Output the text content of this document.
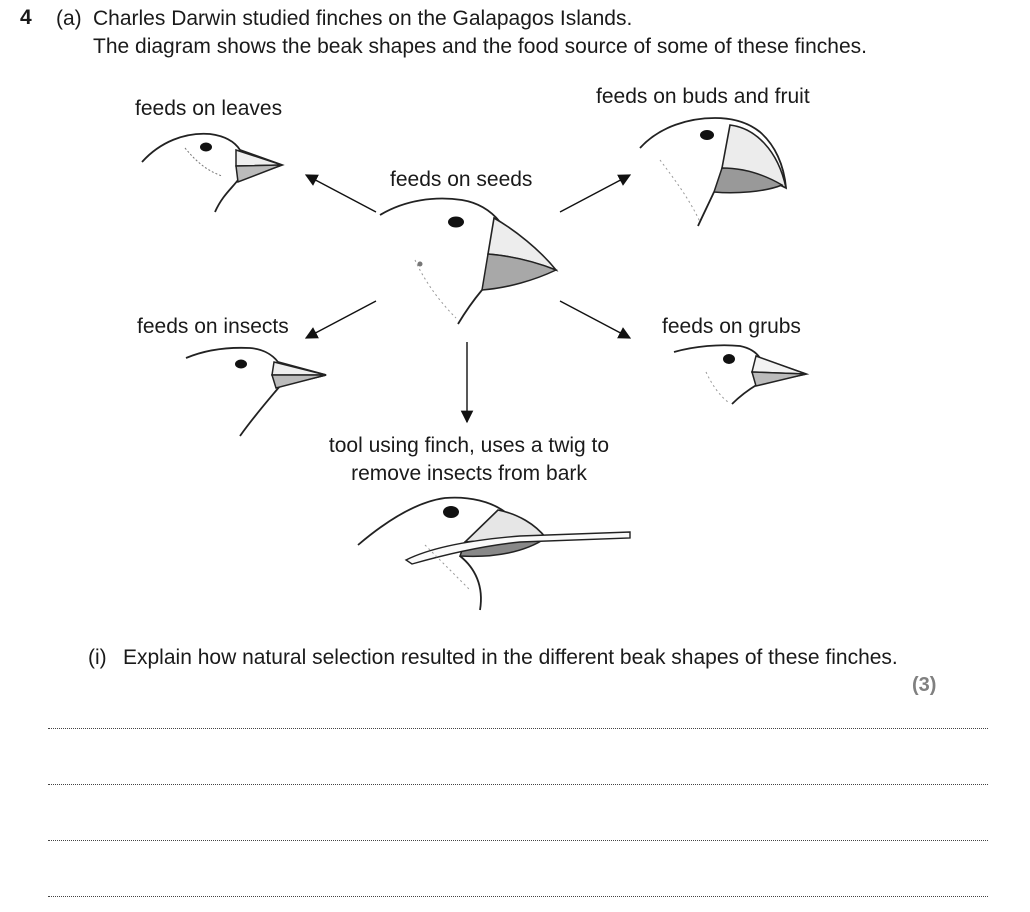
4 (a) Charles Darwin studied finches on the Galapagos Islands.
The diagram shows the beak shapes and the food source of some of these finches.
feeds on leaves
feeds on buds and fruit
feeds on seeds
feeds on insects	feeds on grubs
tool using finch, uses a twig to
remove insects from bark
(i) Explain how natural selection resulted in the different beak shapes of these finches.
(3)
